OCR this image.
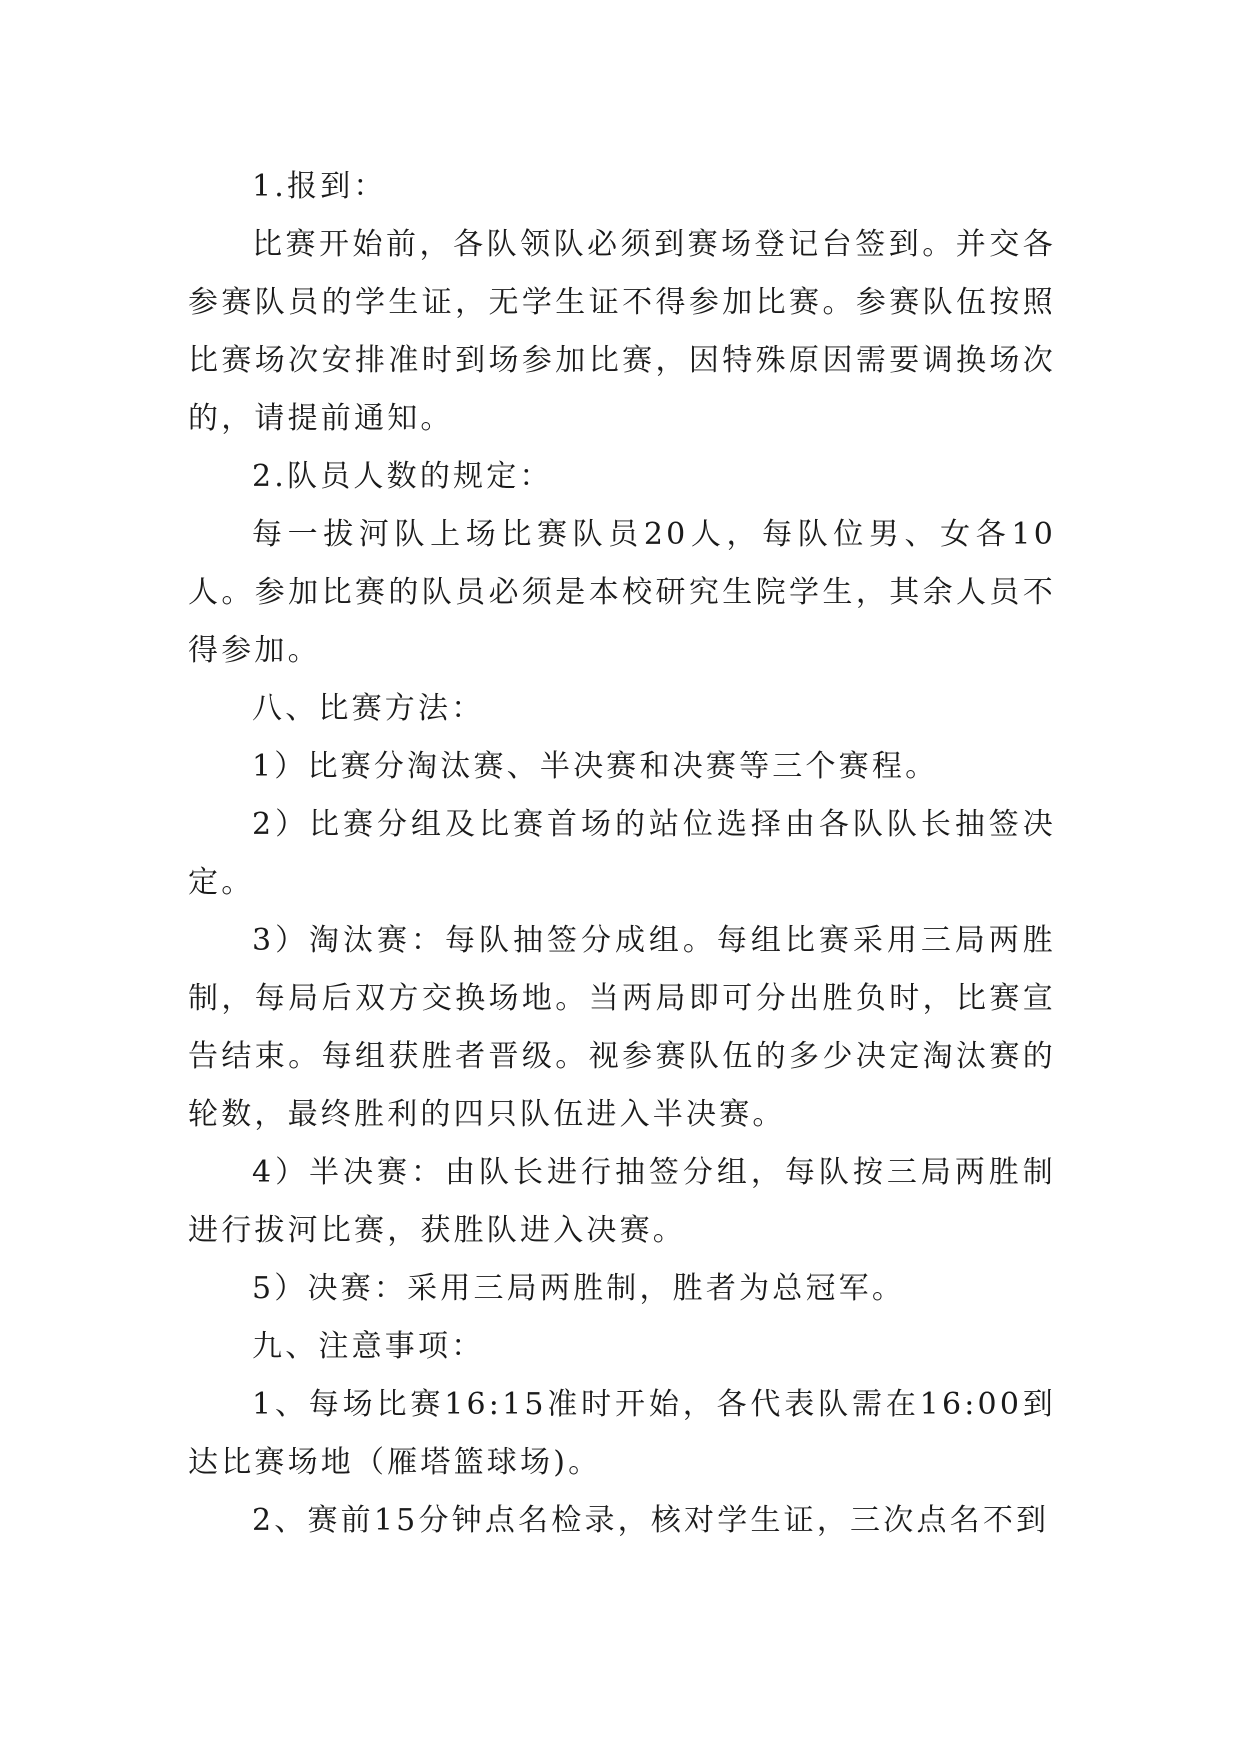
1.报到：

比赛开始前，各队领队必须到赛场登记台签到。并交各参赛队员的学生证，无学生证不得参加比赛。参赛队伍按照比赛场次安排准时到场参加比赛，因特殊原因需要调换场次的，请提前通知。

2.队员人数的规定：

每一拔河队上场比赛队员20人，每队位男、女各10人。参加比赛的队员必须是本校研究生院学生，其余人员不得参加。

八、比赛方法：

1）比赛分淘汰赛、半决赛和决赛等三个赛程。

2）比赛分组及比赛首场的站位选择由各队队长抽签决定。

3）淘汰赛：每队抽签分成组。每组比赛采用三局两胜制，每局后双方交换场地。当两局即可分出胜负时，比赛宣告结束。每组获胜者晋级。视参赛队伍的多少决定淘汰赛的轮数，最终胜利的四只队伍进入半决赛。

4）半决赛：由队长进行抽签分组，每队按三局两胜制进行拔河比赛，获胜队进入决赛。

5）决赛：采用三局两胜制，胜者为总冠军。

九、注意事项：

1、每场比赛16:15准时开始，各代表队需在16:00到达比赛场地（雁塔篮球场)。

2、赛前15分钟点名检录，核对学生证，三次点名不到
